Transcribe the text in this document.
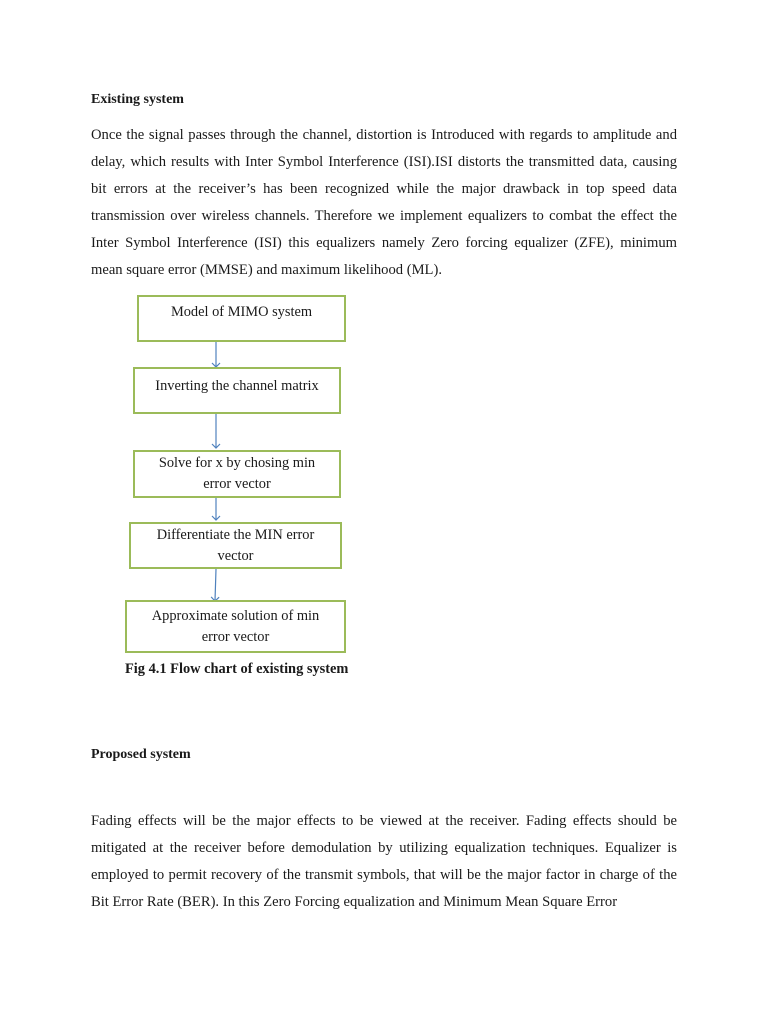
Existing system

Once the signal passes through the channel, distortion is Introduced with regards to amplitude and delay, which results with Inter Symbol Interference (ISI).ISI distorts the transmitted data, causing bit errors at the receiver’s has been recognized while the major drawback in top speed data transmission over wireless channels. Therefore we implement equalizers to combat the effect the Inter Symbol Interference (ISI) this equalizers namely Zero forcing equalizer (ZFE), minimum mean square error (MMSE) and maximum likelihood (ML).

Model of MIMO system
Inverting the channel matrix
Solve for x by chosing min error vector
Differentiate the MIN error vector
Approximate solution of min error vector

Fig 4.1 Flow chart of existing system

Proposed system

Fading effects will be the major effects to be viewed at the receiver. Fading effects should be mitigated at the receiver before demodulation by utilizing equalization techniques. Equalizer is employed to permit recovery of the transmit symbols, that will be the major factor in charge of the Bit Error Rate (BER). In this Zero Forcing equalization and Minimum Mean Square Error
